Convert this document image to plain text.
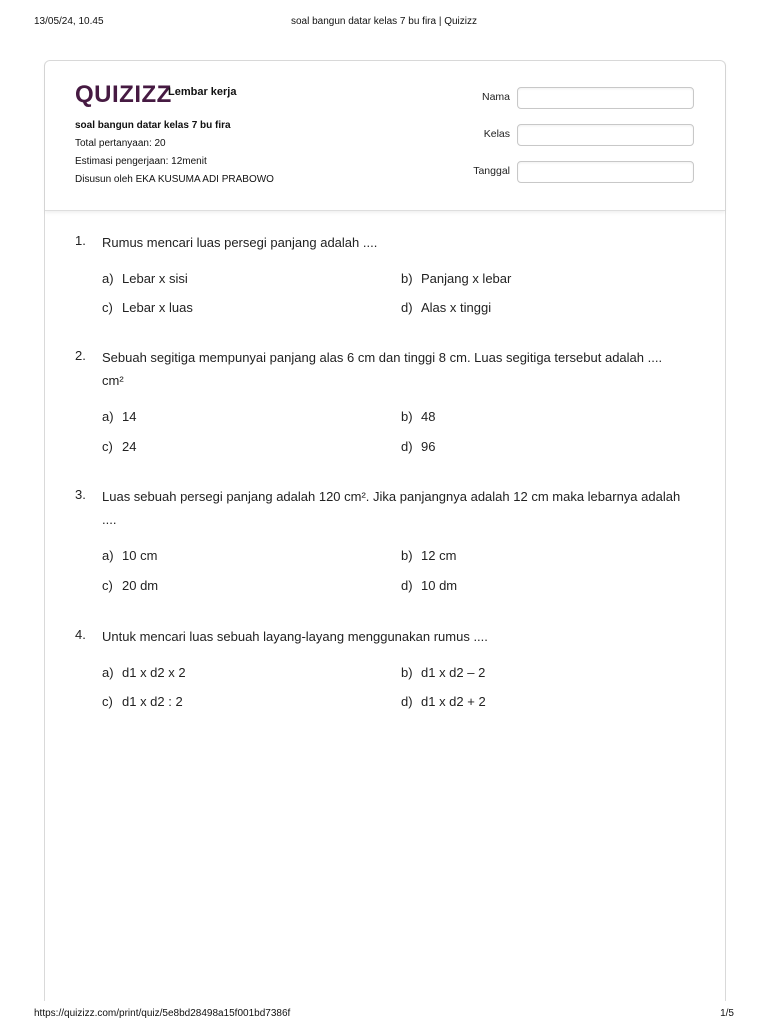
13/05/24, 10.45	soal bangun datar kelas 7 bu fira | Quizizz
QUIZIZZ
Lembar kerja
soal bangun datar kelas 7 bu fira
Total pertanyaan: 20
Estimasi pengerjaan: 12menit
Disusun oleh EKA KUSUMA ADI PRABOWO
Nama
Kelas
Tanggal
1. Rumus mencari luas persegi panjang adalah ....
a) Lebar x sisi	b) Panjang x lebar
c) Lebar x luas	d) Alas x tinggi
2. Sebuah segitiga mempunyai panjang alas 6 cm dan tinggi 8 cm. Luas segitiga tersebut adalah .... cm²
a) 14	b) 48
c) 24	d) 96
3. Luas sebuah persegi panjang adalah 120 cm². Jika panjangnya adalah 12 cm maka lebarnya adalah ....
a) 10 cm	b) 12 cm
c) 20 dm	d) 10 dm
4. Untuk mencari luas sebuah layang-layang menggunakan rumus ....
a) d1 x d2 x 2	b) d1 x d2 – 2
c) d1 x d2 : 2	d) d1 x d2 + 2
https://quizizz.com/print/quiz/5e8bd28498a15f001bd7386f	1/5
